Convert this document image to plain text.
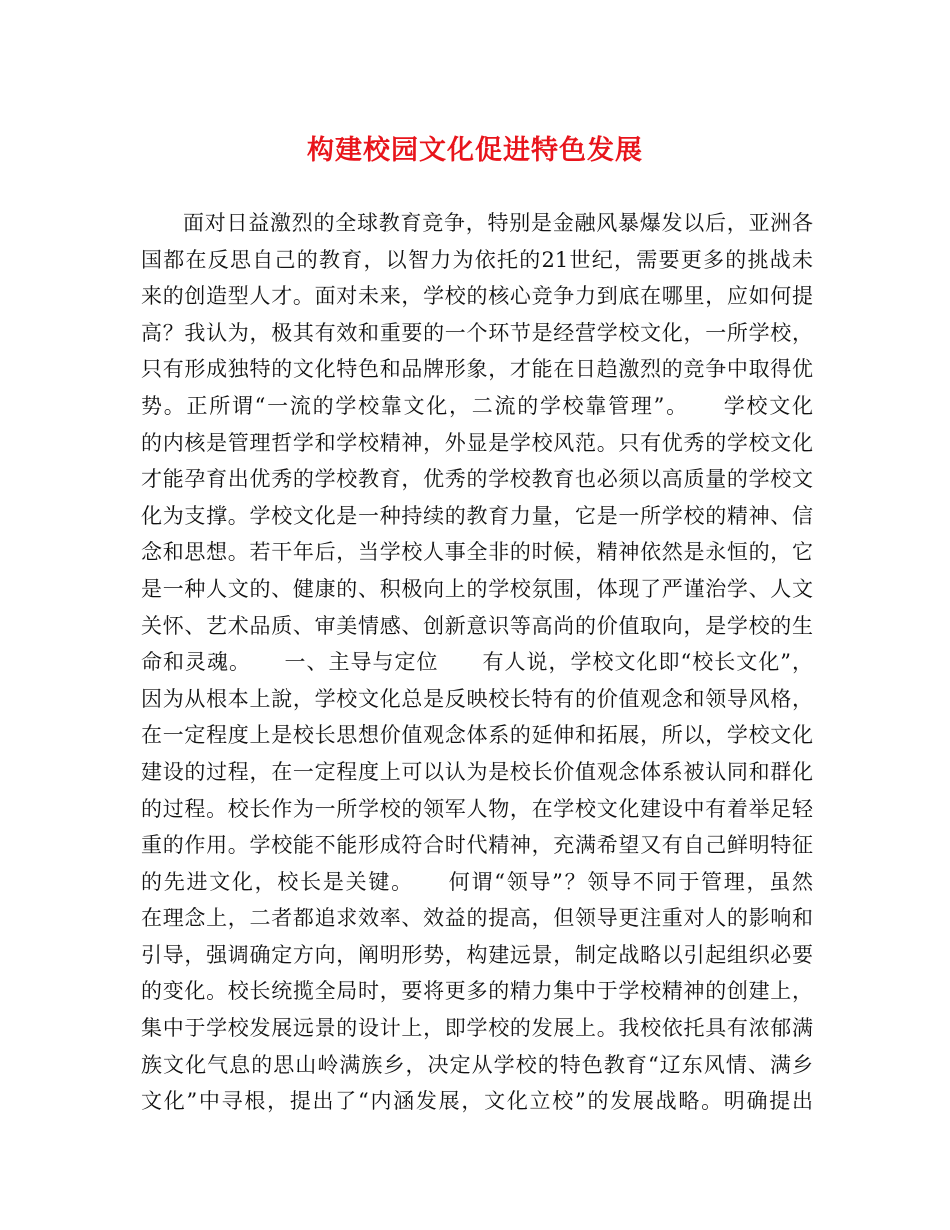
构建校园文化促进特色发展
面对日益激烈的全球教育竞争，特别是金融风暴爆发以后，亚洲各
国都在反思自己的教育，以智力为依托的21世纪，需要更多的挑战未
来的创造型人才。面对未来，学校的核心竞争力到底在哪里，应如何提
高？我认为，极其有效和重要的一个环节是经营学校文化，一所学校，
只有形成独特的文化特色和品牌形象，才能在日趋激烈的竞争中取得优
势。正所谓“一流的学校靠文化，二流的学校靠管理”。　　学校文化
的内核是管理哲学和学校精神，外显是学校风范。只有优秀的学校文化
才能孕育出优秀的学校教育，优秀的学校教育也必须以高质量的学校文
化为支撑。学校文化是一种持续的教育力量，它是一所学校的精神、信
念和思想。若干年后，当学校人事全非的时候，精神依然是永恒的，它
是一种人文的、健康的、积极向上的学校氛围，体现了严谨治学、人文
关怀、艺术品质、审美情感、创新意识等高尚的价值取向，是学校的生
命和灵魂。　　一、主导与定位　　有人说，学校文化即“校长文化”，
因为从根本上說，学校文化总是反映校长特有的价值观念和领导风格，
在一定程度上是校长思想价值观念体系的延伸和拓展，所以，学校文化
建设的过程，在一定程度上可以认为是校长价值观念体系被认同和群化
的过程。校长作为一所学校的领军人物，在学校文化建设中有着举足轻
重的作用。学校能不能形成符合时代精神，充满希望又有自己鲜明特征
的先进文化，校长是关键。　　何谓“领导”？领导不同于管理，虽然
在理念上，二者都追求效率、效益的提高，但领导更注重对人的影响和
引导，强调确定方向，阐明形势，构建远景，制定战略以引起组织必要
的变化。校长统揽全局时，要将更多的精力集中于学校精神的创建上，
集中于学校发展远景的设计上，即学校的发展上。我校依托具有浓郁满
族文化气息的思山岭满族乡，决定从学校的特色教育“辽东风情、满乡
文化”中寻根，提出了“内涵发展，文化立校”的发展战略。明确提出
